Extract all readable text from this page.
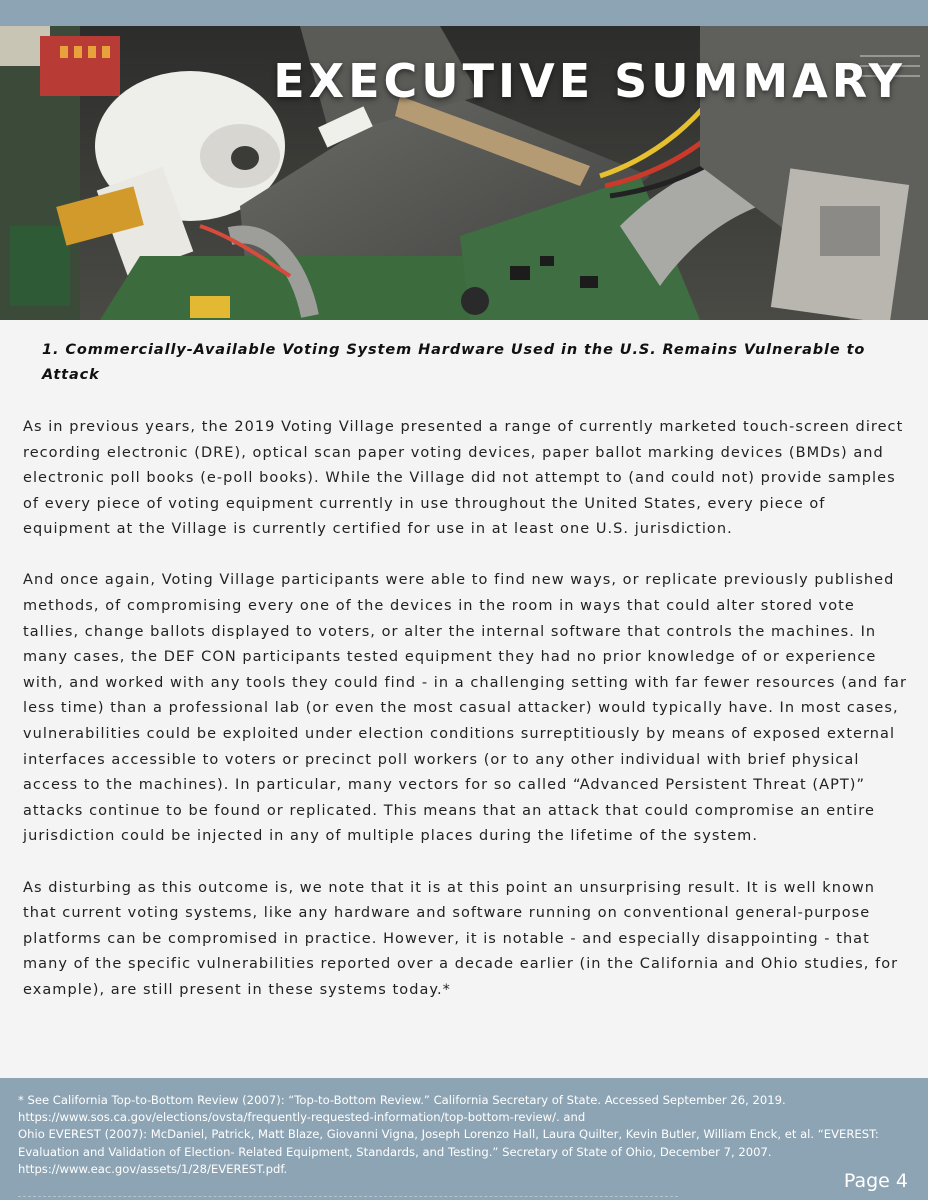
EXECUTIVE SUMMARY

1. Commercially-Available Voting System Hardware Used in the U.S. Remains Vulnerable to Attack

As in previous years, the 2019 Voting Village presented a range of currently marketed touch-screen direct recording electronic (DRE), optical scan paper voting devices, paper ballot marking devices (BMDs) and electronic poll books (e-poll books). While the Village did not attempt to (and could not) provide samples of every piece of voting equipment currently in use throughout the United States, every piece of equipment at the Village is currently certified for use in at least one U.S. jurisdiction.

And once again, Voting Village participants were able to find new ways, or replicate previously published methods, of compromising every one of the devices in the room in ways that could alter stored vote tallies, change ballots displayed to voters, or alter the internal software that controls the machines. In many cases, the DEF CON participants tested equipment they had no prior knowledge of or experience with, and worked with any tools they could find - in a challenging setting with far fewer resources (and far less time) than a professional lab (or even the most casual attacker) would typically have. In most cases, vulnerabilities could be exploited under election conditions surreptitiously by means of exposed external interfaces accessible to voters or precinct poll workers (or to any other individual with brief physical access to the machines). In particular, many vectors for so called “Advanced Persistent Threat (APT)” attacks continue to be found or replicated. This means that an attack that could compromise an entire jurisdiction could be injected in any of multiple places during the lifetime of the system.

As disturbing as this outcome is, we note that it is at this point an unsurprising result. It is well known that current voting systems, like any hardware and software running on conventional general-purpose platforms can be compromised in practice. However, it is notable - and especially disappointing - that many of the specific vulnerabilities reported over a decade earlier (in the California and Ohio studies, for example), are still present in these systems today.*

* See California Top-to-Bottom Review (2007): “Top-to-Bottom Review.” California Secretary of State. Accessed September 26, 2019. https://www.sos.ca.gov/elections/ovsta/frequently-requested-information/top-bottom-review/. and
Ohio EVEREST (2007): McDaniel, Patrick, Matt Blaze, Giovanni Vigna, Joseph Lorenzo Hall, Laura Quilter, Kevin Butler, William Enck, et al. “EVEREST: Evaluation and Validation of Election- Related Equipment, Standards, and Testing.” Secretary of State of Ohio, December 7, 2007. https://www.eac.gov/assets/1/28/EVEREST.pdf.
Page 4
